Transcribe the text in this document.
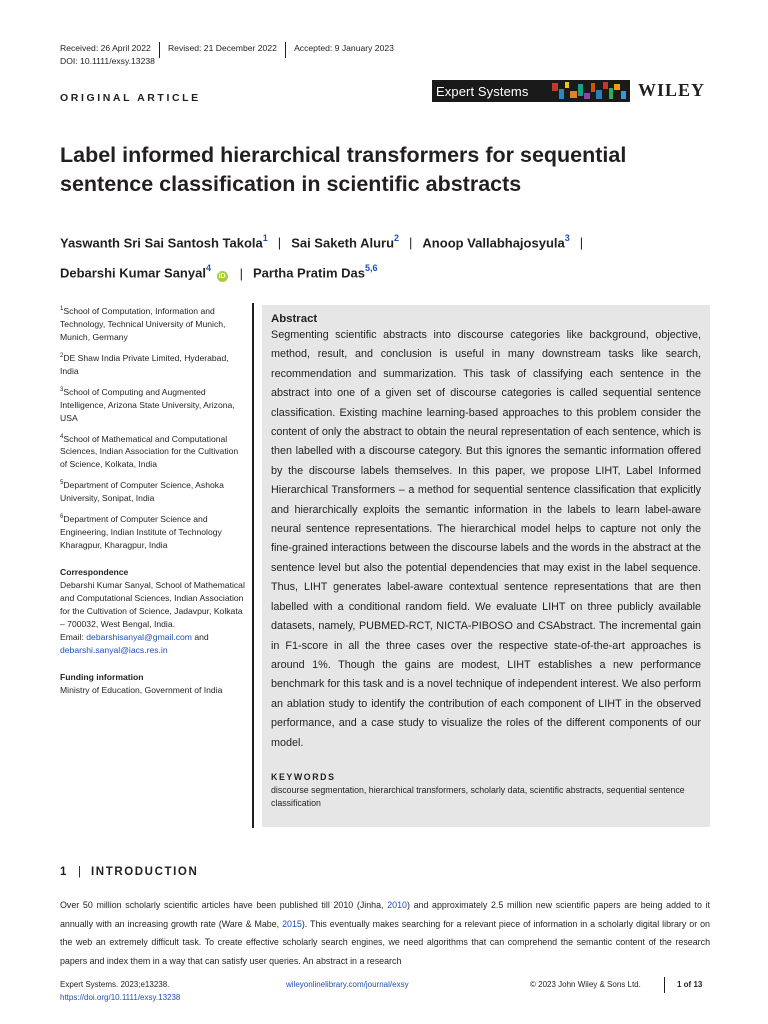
Received: 26 April 2022	Revised: 21 December 2022	Accepted: 9 January 2023
DOI: 10.1111/exsy.13238
ORIGINAL ARTICLE	Expert Systems	WILEY
Label informed hierarchical transformers for sequential sentence classification in scientific abstracts
Yaswanth Sri Sai Santosh Takola$^1$ | Sai Saketh Aluru$^2$ | Anoop Vallabhajosyula$^3$ |
Debarshi Kumar Sanyal$^4$ iD | Partha Pratim Das$^{5,6}$
$^1$School of Computation, Information and Technology, Technical University of Munich, Munich, Germany
$^2$DE Shaw India Private Limited, Hyderabad, India
$^3$School of Computing and Augmented Intelligence, Arizona State University, Arizona, USA
$^4$School of Mathematical and Computational Sciences, Indian Association for the Cultivation of Science, Kolkata, India
$^5$Department of Computer Science, Ashoka University, Sonipat, India
$^6$Department of Computer Science and Engineering, Indian Institute of Technology Kharagpur, Kharagpur, India
Correspondence
Debarshi Kumar Sanyal, School of Mathematical and Computational Sciences, Indian Association for the Cultivation of Science, Jadavpur, Kolkata – 700032, West Bengal, India.
Email: debarshisanyal@gmail.com and
debarshi.sanyal@iacs.res.in
Funding information
Ministry of Education, Government of India
Abstract

Segmenting scientific abstracts into discourse categories like background, objective, method, result, and conclusion is useful in many downstream tasks like search, recommendation and summarization. This task of classifying each sentence in the abstract into one of a given set of discourse categories is called sequential sentence classification. Existing machine learning-based approaches to this problem consider the content of only the abstract to obtain the neural representation of each sentence, which is then labelled with a discourse category. But this ignores the semantic information offered by the discourse labels themselves. In this paper, we propose LIHT, Label Informed Hierarchical Transformers – a method for sequential sentence classification that explicitly and hierarchically exploits the semantic information in the labels to learn label-aware neural sentence representations. The hierarchical model helps to capture not only the fine-grained interactions between the discourse labels and the words in the abstract at the sentence level but also the potential dependencies that may exist in the label sequence. Thus, LIHT generates label-aware contextual sentence representations that are then labelled with a conditional random field. We evaluate LIHT on three publicly available datasets, namely, PUBMED-RCT, NICTA-PIBOSO and CSAbstract. The incremental gain in F1-score in all the three cases over the respective state-of-the-art approaches is around 1%. Though the gains are modest, LIHT establishes a new performance benchmark for this task and is a novel technique of independent interest. We also perform an ablation study to identify the contribution of each component of LIHT in the observed performance, and a case study to visualize the roles of the different components of our model.

KEYWORDS
discourse segmentation, hierarchical transformers, scholarly data, scientific abstracts, sequential sentence classification
1 | INTRODUCTION

Over 50 million scholarly scientific articles have been published till 2010 (Jinha, 2010) and approximately 2.5 million new scientific papers are being added to it annually with an increasing growth rate (Ware & Mabe, 2015). This eventually makes searching for a relevant piece of information in a scholarly digital library or on the web an extremely difficult task. To create effective scholarly search engines, we need algorithms that can comprehend the semantic content of the research papers and index them in a way that can satisfy user queries. An abstract in a research

Expert Systems. 2023;e13238.
https://doi.org/10.1111/exsy.13238
wileyonlinelibrary.com/journal/exsy	© 2023 John Wiley & Sons Ltd.	1 of 13
